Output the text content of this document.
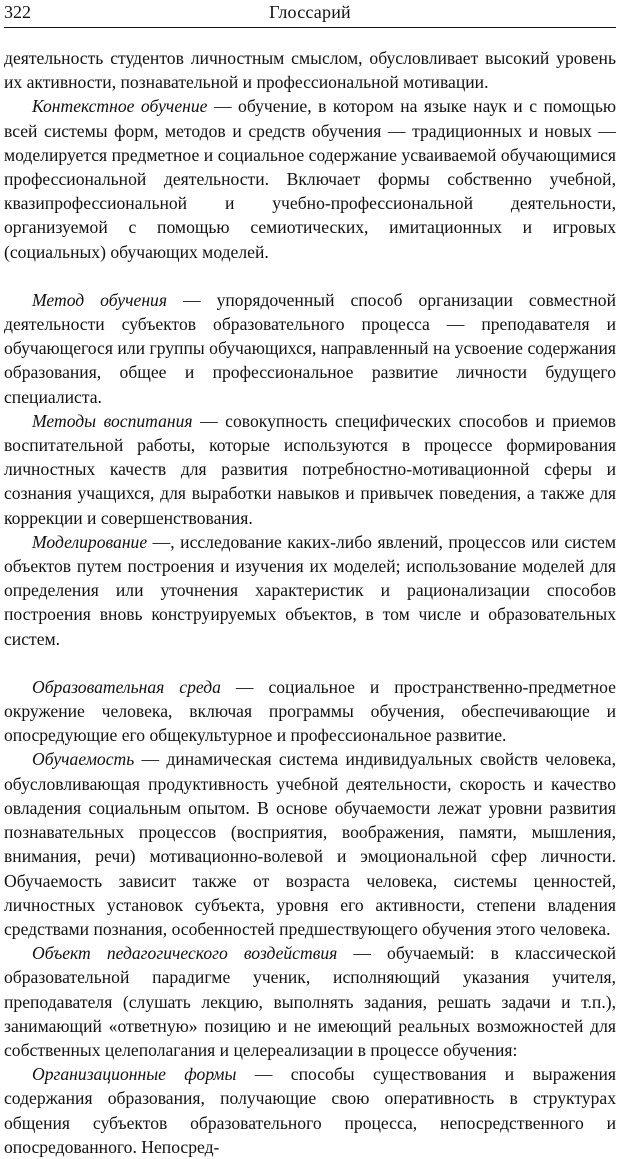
322	Глоссарий

деятельность студентов личностным смыслом, обусловливает высокий уровень их активности, познавательной и профессиональной мотивации.

Контекстное обучение — обучение, в котором на языке наук и с помощью всей системы форм, методов и средств обучения — традиционных и новых — моделируется предметное и социальное содержание усваиваемой обучающимися профессиональной деятельности. Включает формы собственно учебной, квазипрофессиональной и учебно-профессиональной деятельности, организуемой с помощью семиотических, имитационных и игровых (социальных) обучающих моделей.

Метод обучения — упорядоченный способ организации совместной деятельности субъектов образовательного процесса — преподавателя и обучающегося или группы обучающихся, направленный на усвоение содержания образования, общее и профессиональное развитие личности будущего специалиста.

Методы воспитания — совокупность специфических способов и приемов воспитательной работы, которые используются в процессе формирования личностных качеств для развития потребностно-мотивационной сферы и сознания учащихся, для выработки навыков и привычек поведения, а также для коррекции и совершенствования.

Моделирование —, исследование каких-либо явлений, процессов или систем объектов путем построения и изучения их моделей; использование моделей для определения или уточнения характеристик и рационализации способов построения вновь конструируемых объектов, в том числе и образовательных систем.

Образовательная среда — социальное и пространственно-предметное окружение человека, включая программы обучения, обеспечивающие и опосредующие его общекультурное и профессиональное развитие.

Обучаемость — динамическая система индивидуальных свойств человека, обусловливающая продуктивность учебной деятельности, скорость и качество овладения социальным опытом. В основе обучаемости лежат уровни развития познавательных процессов (восприятия, воображения, памяти, мышления, внимания, речи) мотивационно-волевой и эмоциональной сфер личности. Обучаемость зависит также от возраста человека, системы ценностей, личностных установок субъекта, уровня его активности, степени владения средствами познания, особенностей предшествующего обучения этого человека.

Объект педагогического воздействия — обучаемый: в классической образовательной парадигме ученик, исполняющий указания учителя, преподавателя (слушать лекцию, выполнять задания, решать задачи и т.п.), занимающий «ответную» позицию и не имеющий реальных возможностей для собственных целеполагания и целереализации в процессе обучения:

Организационные формы — способы существования и выражения содержания образования, получающие свою оперативность в структурах общения субъектов образовательного процесса, непосредственного и опосредованного. Непосред-
